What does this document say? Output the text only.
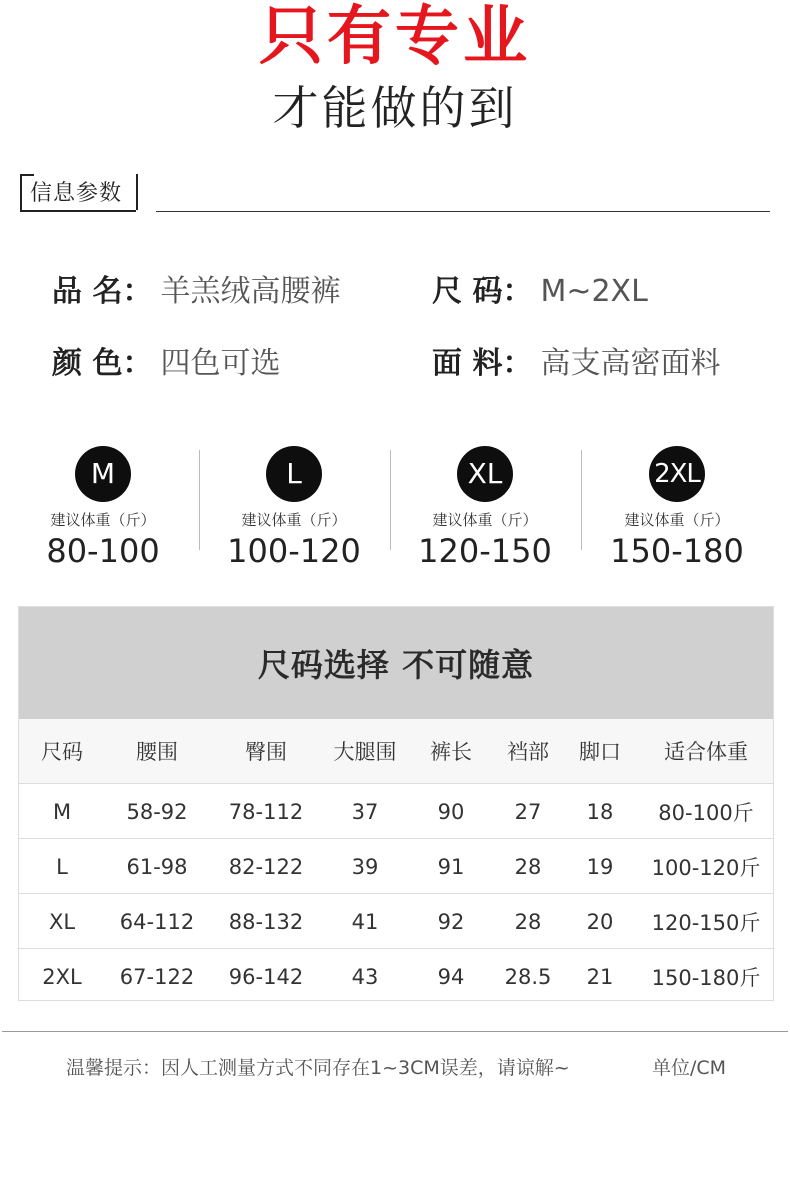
只有专业
才能做的到
信息参数
品 名： 羊羔绒高腰裤	尺 码： M~2XL
颜 色： 四色可选	面 料： 高支高密面料
M
建议体重（斤）
80-100
L
建议体重（斤）
100-120
XL
建议体重（斤）
120-150
2XL
建议体重（斤）
150-180
尺码选择 不可随意
尺码	腰围	臀围	大腿围	裤长	裆部	脚口	适合体重
M	58-92	78-112	37	90	27	18	80-100斤
L	61-98	82-122	39	91	28	19	100-120斤
XL	64-112	88-132	41	92	28	20	120-150斤
2XL	67-122	96-142	43	94	28.5	21	150-180斤
温馨提示：因人工测量方式不同存在1~3CM误差，请谅解~	单位/CM
